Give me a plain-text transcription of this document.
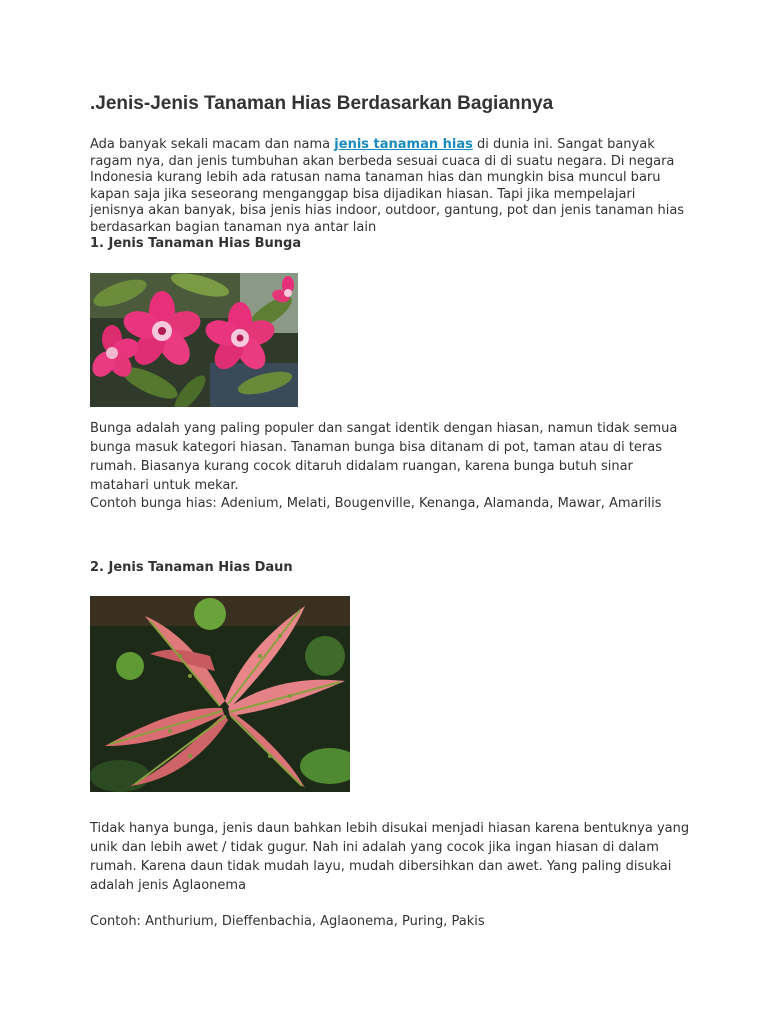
.Jenis-Jenis Tanaman Hias Berdasarkan Bagiannya

Ada banyak sekali macam dan nama jenis tanaman hias di dunia ini. Sangat banyak ragam nya, dan jenis tumbuhan akan berbeda sesuai cuaca di di suatu negara. Di negara Indonesia kurang lebih ada ratusan nama tanaman hias dan mungkin bisa muncul baru kapan saja jika seseorang menganggap bisa dijadikan hiasan. Tapi jika mempelajari jenisnya akan banyak, bisa jenis hias indoor, outdoor, gantung, pot dan jenis tanaman hias berdasarkan bagian tanaman nya antar lain

1. Jenis Tanaman Hias Bunga

Bunga adalah yang paling populer dan sangat identik dengan hiasan, namun tidak semua bunga masuk kategori hiasan. Tanaman bunga bisa ditanam di pot, taman atau di teras rumah. Biasanya kurang cocok ditaruh didalam ruangan, karena bunga butuh sinar matahari untuk mekar.

Contoh bunga hias: Adenium, Melati, Bougenville, Kenanga, Alamanda, Mawar, Amarilis

2. Jenis Tanaman Hias Daun

Tidak hanya bunga, jenis daun bahkan lebih disukai menjadi hiasan karena bentuknya yang unik dan lebih awet / tidak gugur. Nah ini adalah yang cocok jika ingan hiasan di dalam rumah. Karena daun tidak mudah layu, mudah dibersihkan dan awet. Yang paling disukai adalah jenis Aglaonema

Contoh: Anthurium, Dieffenbachia, Aglaonema, Puring, Pakis
